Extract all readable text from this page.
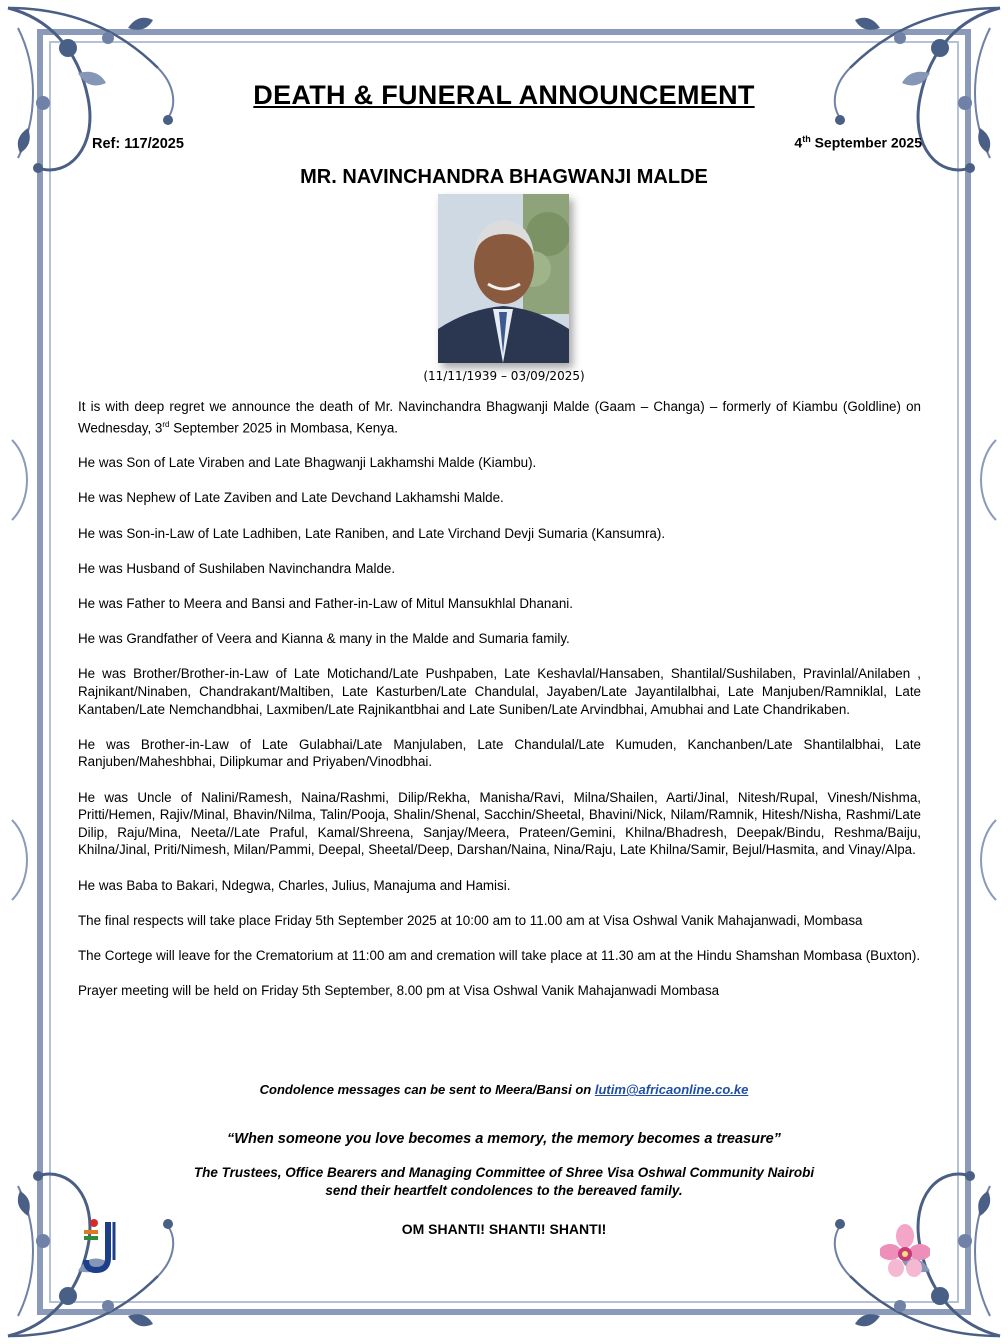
DEATH & FUNERAL ANNOUNCEMENT
Ref: 117/2025	4th September 2025
MR. NAVINCHANDRA BHAGWANJI MALDE
(11/11/1939 – 03/09/2025)

It is with deep regret we announce the death of Mr. Navinchandra Bhagwanji Malde (Gaam – Changa) – formerly of Kiambu (Goldline) on Wednesday, 3rd September 2025 in Mombasa, Kenya.

He was Son of Late Viraben and Late Bhagwanji Lakhamshi Malde (Kiambu).

He was Nephew of Late Zaviben and Late Devchand Lakhamshi Malde.

He was Son-in-Law of Late Ladhiben, Late Raniben, and Late Virchand Devji Sumaria (Kansumra).

He was Husband of Sushilaben Navinchandra Malde.

He was Father to Meera and Bansi and Father-in-Law of Mitul Mansukhlal Dhanani.

He was Grandfather of Veera and Kianna & many in the Malde and Sumaria family.

He was Brother/Brother-in-Law of Late Motichand/Late Pushpaben, Late Keshavlal/Hansaben, Shantilal/Sushilaben, Pravinlal/Anilaben , Rajnikant/Ninaben, Chandrakant/Maltiben, Late Kasturben/Late Chandulal, Jayaben/Late Jayantilalbhai, Late Manjuben/Ramniklal, Late Kantaben/Late Nemchandbhai, Laxmiben/Late Rajnikantbhai and Late Suniben/Late Arvindbhai, Amubhai and Late Chandrikaben.

He was Brother-in-Law of Late Gulabhai/Late Manjulaben, Late Chandulal/Late Kumuden, Kanchanben/Late Shantilalbhai, Late Ranjuben/Maheshbhai, Dilipkumar and Priyaben/Vinodbhai.

He was Uncle of Nalini/Ramesh, Naina/Rashmi, Dilip/Rekha, Manisha/Ravi, Milna/Shailen, Aarti/Jinal, Nitesh/Rupal, Vinesh/Nishma, Pritti/Hemen, Rajiv/Minal, Bhavin/Nilma, Talin/Pooja, Shalin/Shenal, Sacchin/Sheetal, Bhavini/Nick, Nilam/Ramnik, Hitesh/Nisha, Rashmi/Late Dilip, Raju/Mina, Neeta//Late Praful, Kamal/Shreena, Sanjay/Meera, Prateen/Gemini, Khilna/Bhadresh, Deepak/Bindu, Reshma/Baiju, Khilna/Jinal, Priti/Nimesh, Milan/Pammi, Deepal, Sheetal/Deep, Darshan/Naina, Nina/Raju, Late Khilna/Samir, Bejul/Hasmita, and Vinay/Alpa.

He was Baba to Bakari, Ndegwa, Charles, Julius, Manajuma and Hamisi.

The final respects will take place Friday 5th September 2025 at 10:00 am to 11.00 am at Visa Oshwal Vanik Mahajanwadi, Mombasa

The Cortege will leave for the Crematorium at 11:00 am and cremation will take place at 11.30 am at the Hindu Shamshan Mombasa (Buxton).

Prayer meeting will be held on Friday 5th September, 8.00 pm at Visa Oshwal Vanik Mahajanwadi Mombasa

Condolence messages can be sent to Meera/Bansi on lutim@africaonline.co.ke
“When someone you love becomes a memory, the memory becomes a treasure”
The Trustees, Office Bearers and Managing Committee of Shree Visa Oshwal Community Nairobi
send their heartfelt condolences to the bereaved family.
OM SHANTI! SHANTI! SHANTI!
